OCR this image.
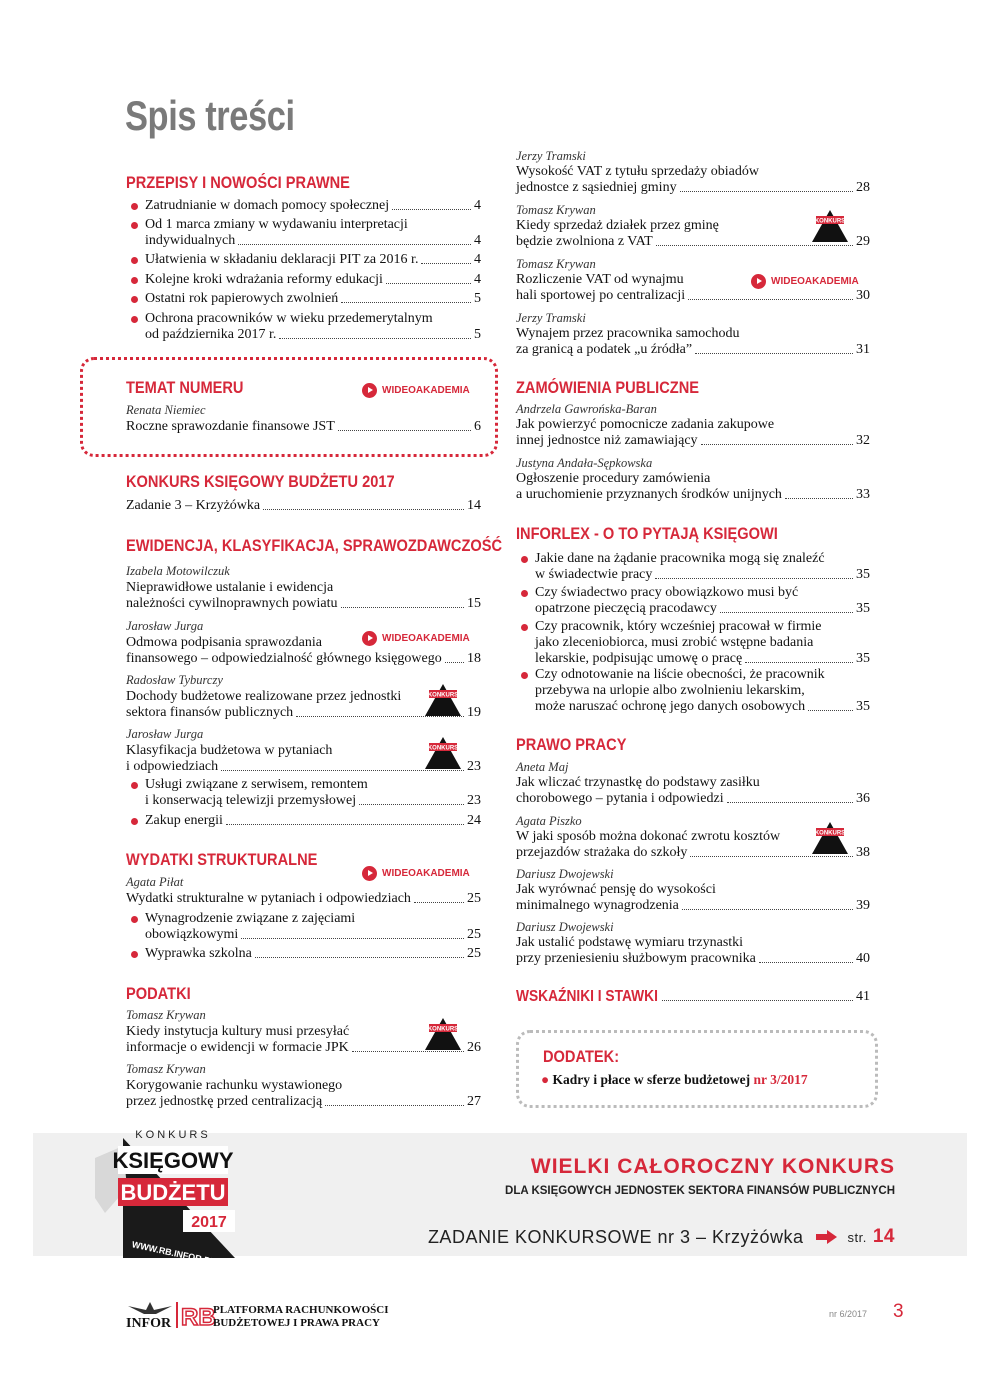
Spis treści
PRZEPISY I NOWOŚCI PRAWNE
Zatrudnianie w domach pomocy społecznej	4
Od 1 marca zmiany w wydawaniu interpretacji
indywidualnych	4
Ułatwienia w składaniu deklaracji PIT za 2016 r.	4
Kolejne kroki wdrażania reformy edukacji	4
Ostatni rok papierowych zwolnień	5
Ochrona pracowników w wieku przedemerytalnym
od października 2017 r.	5
TEMAT NUMERU	WIDEOAKADEMIA
Renata Niemiec
Roczne sprawozdanie finansowe JST	6
KONKURS KSIĘGOWY BUDŻETU 2017
Zadanie 3 – Krzyżówka	14
EWIDENCJA, KLASYFIKACJA, SPRAWOZDAWCZOŚĆ
Izabela Motowilczuk
Nieprawidłowe ustalanie i ewidencja
należności cywilnoprawnych powiatu	15
Jarosław Jurga
WIDEOAKADEMIA
Odmowa podpisania sprawozdania
finansowego – odpowiedzialność głównego księgowego 18
Radosław Tyburczy
KONKURS
Dochody budżetowe realizowane przez jednostki
sektora finansów publicznych	19
Jarosław Jurga
KONKURS
Klasyfikacja budżetowa w pytaniach
i odpowiedziach	23
Usługi związane z serwisem, remontem
i konserwacją telewizji przemysłowej	23
Zakup energii	24
WYDATKI STRUKTURALNE
WIDEOAKADEMIA
Agata Piłat
Wydatki strukturalne w pytaniach i odpowiedziach	25
Wynagrodzenie związane z zajęciami
obowiązkowymi	25
Wyprawka szkolna	25
PODATKI
Tomasz Krywan
KONKURS
Kiedy instytucja kultury musi przesyłać
informacje o ewidencji w formacie JPK	26
Tomasz Krywan
Korygowanie rachunku wystawionego
przez jednostkę przed centralizacją	27
Jerzy Tramski
Wysokość VAT z tytułu sprzedaży obiadów
jednostce z sąsiedniej gminy	28
Tomasz Krywan
KONKURS
Kiedy sprzedaż działek przez gminę
będzie zwolniona z VAT	29
Tomasz Krywan
WIDEOAKADEMIA
Rozliczenie VAT od wynajmu
hali sportowej po centralizacji	30
Jerzy Tramski
Wynajem przez pracownika samochodu
za granicą a podatek „u źródła”	31
ZAMÓWIENIA PUBLICZNE
Andrzela Gawrońska-Baran
Jak powierzyć pomocnicze zadania zakupowe
innej jednostce niż zamawiający	32
Justyna Andała-Sępkowska
Ogłoszenie procedury zamówienia
a uruchomienie przyznanych środków unijnych	33
INFORLEX - O TO PYTAJĄ KSIĘGOWI
Jakie dane na żądanie pracownika mogą się znaleźć
w świadectwie pracy	35
Czy świadectwo pracy obowiązkowo musi być
opatrzone pieczęcią pracodawcy	35
Czy pracownik, który wcześniej pracował w firmie
jako zleceniobiorca, musi zrobić wstępne badania
lekarskie, podpisując umowę o pracę	35
Czy odnotowanie na liście obecności, że pracownik
przebywa na urlopie albo zwolnieniu lekarskim,
może naruszać ochronę jego danych osobowych	35
PRAWO PRACY
Aneta Maj
Jak wliczać trzynastkę do podstawy zasiłku
chorobowego – pytania i odpowiedzi	36
Agata Piszko
KONKURS
W jaki sposób można dokonać zwrotu kosztów
przejazdów strażaka do szkoły	38
Dariusz Dwojewski
Jak wyrównać pensję do wysokości
minimalnego wynagrodzenia	39
Dariusz Dwojewski
Jak ustalić podstawę wymiaru trzynastki
przy przeniesieniu służbowym pracownika	40
WSKAŹNIKI I STAWKI	41
DODATEK:
● Kadry i płace w sferze budżetowej nr 3/2017
WIELKI CAŁOROCZNY KONKURS
DLA KSIĘGOWYCH JEDNOSTEK SEKTORA FINANSÓW PUBLICZNYCH
ZADANIE KONKURSOWE nr 3 – Krzyżówka	str. 14
KONKURS
KSIĘGOWY
BUDŻETU
2017
WWW.RB.INFOR.PL
INFOR RB
PLATFORMA RACHUNKOWOŚCI
BUDŻETOWEJ I PRAWA PRACY
nr 6/2017 3
